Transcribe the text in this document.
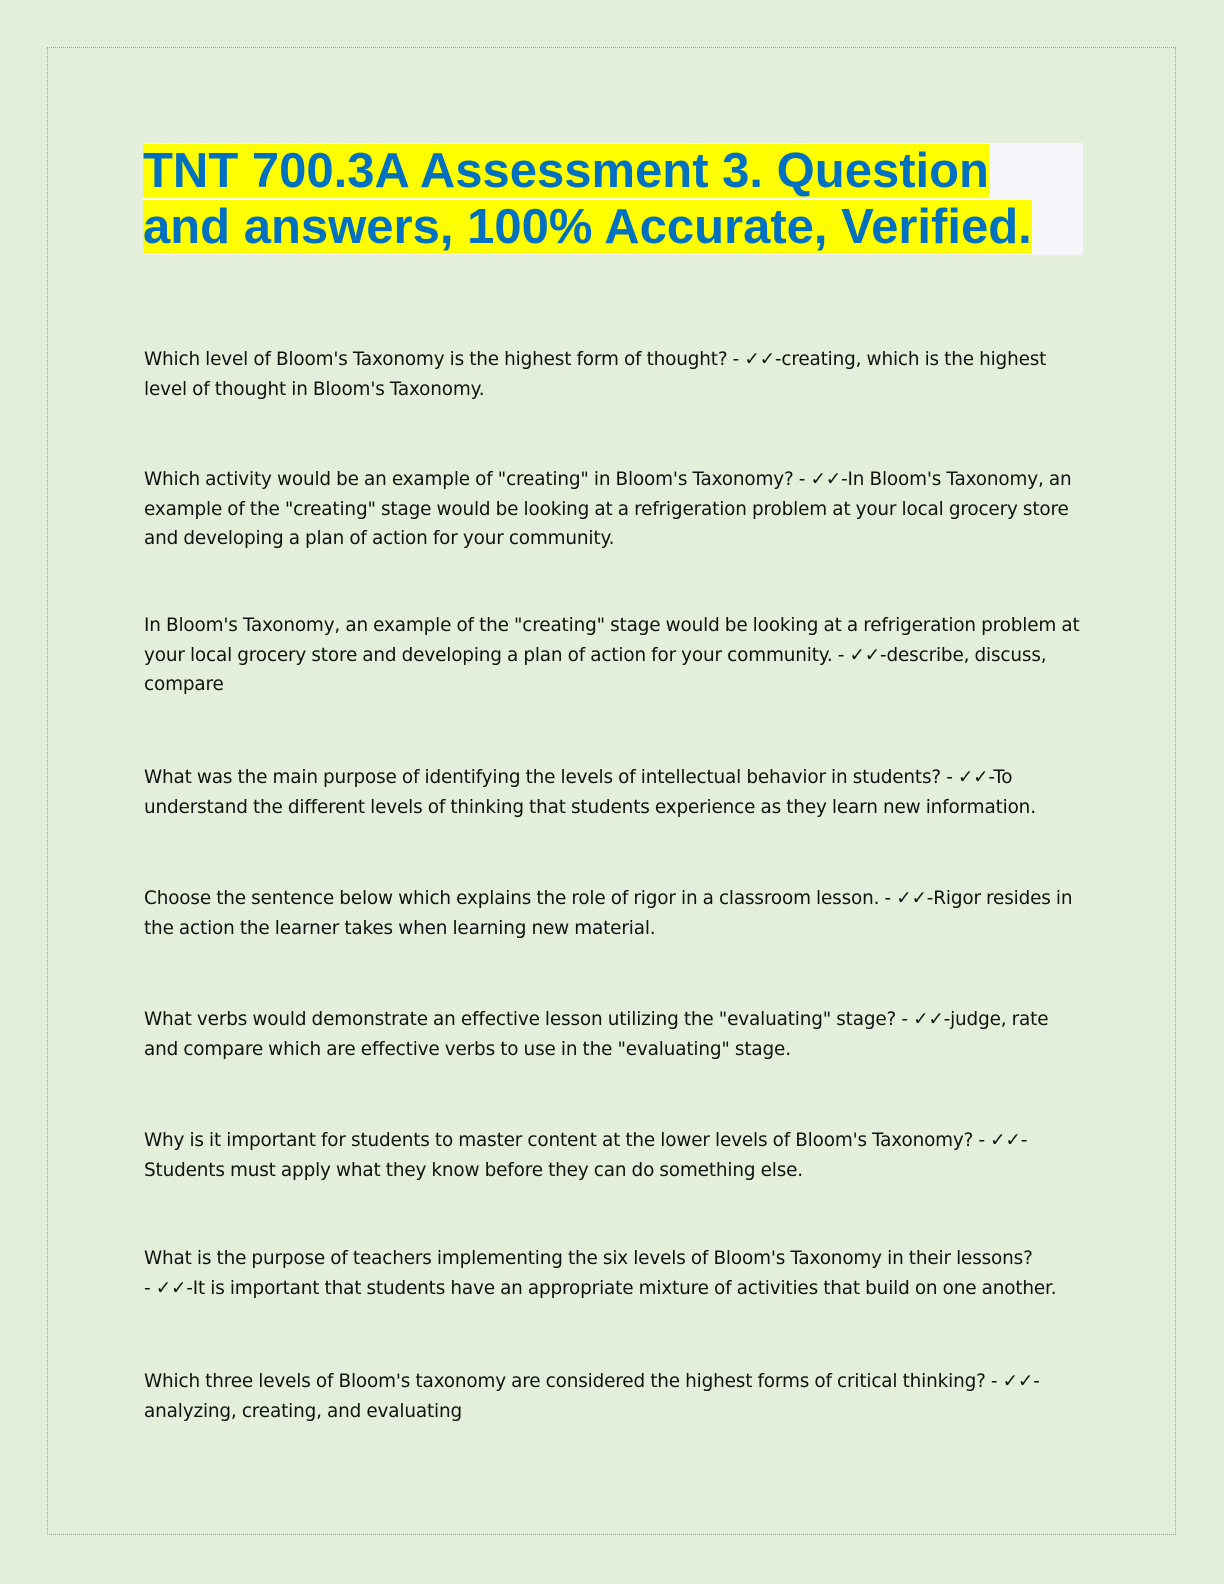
TNT 700.3A Assessment 3. Question and answers, 100% Accurate, Verified.

Which level of Bloom's Taxonomy is the highest form of thought? - ✓✓-creating, which is the highest level of thought in Bloom's Taxonomy.

Which activity would be an example of "creating" in Bloom's Taxonomy? - ✓✓-In Bloom's Taxonomy, an example of the "creating" stage would be looking at a refrigeration problem at your local grocery store and developing a plan of action for your community.

In Bloom's Taxonomy, an example of the "creating" stage would be looking at a refrigeration problem at your local grocery store and developing a plan of action for your community. - ✓✓-describe, discuss, compare

What was the main purpose of identifying the levels of intellectual behavior in students? - ✓✓-To understand the different levels of thinking that students experience as they learn new information.

Choose the sentence below which explains the role of rigor in a classroom lesson. - ✓✓-Rigor resides in the action the learner takes when learning new material.

What verbs would demonstrate an effective lesson utilizing the "evaluating" stage? - ✓✓-judge, rate and compare which are effective verbs to use in the "evaluating" stage.

Why is it important for students to master content at the lower levels of Bloom's Taxonomy? - ✓✓-Students must apply what they know before they can do something else.

What is the purpose of teachers implementing the six levels of Bloom's Taxonomy in their lessons? - ✓✓-It is important that students have an appropriate mixture of activities that build on one another.

Which three levels of Bloom's taxonomy are considered the highest forms of critical thinking? - ✓✓-analyzing, creating, and evaluating
